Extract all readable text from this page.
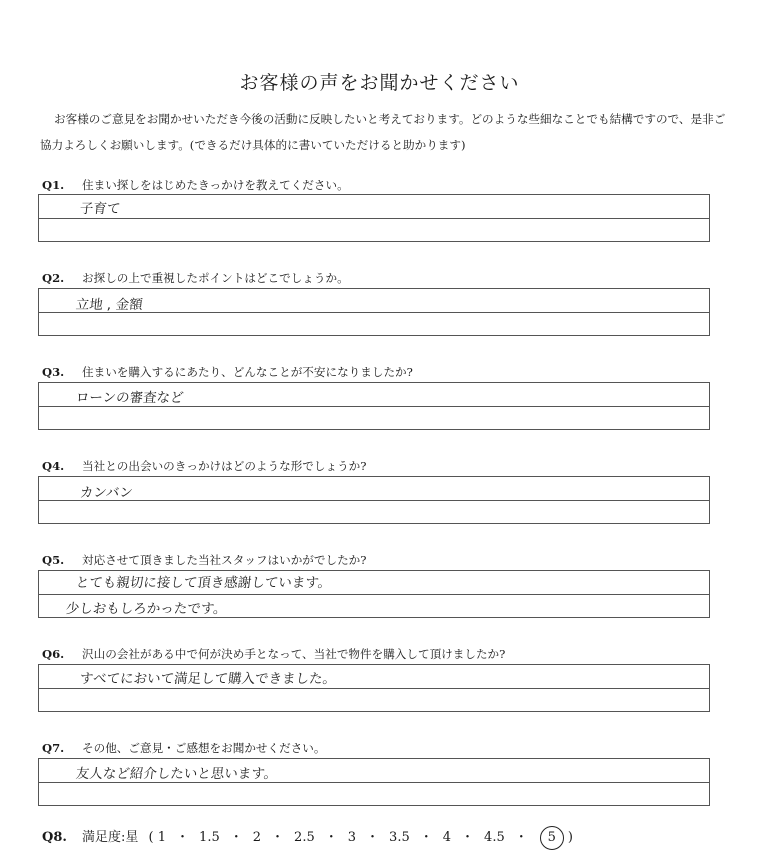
お客様の声をお聞かせください
お客様のご意見をお聞かせいただき今後の活動に反映したいと考えております。どのような些細なことでも結構ですので、是非ご協力よろしくお願いします。(できるだけ具体的に書いていただけると助かります)
Q1. 住まい探しをはじめたきっかけを教えてください。
子育て
Q2. お探しの上で重視したポイントはどこでしょうか。
立地 , 金額
Q3. 住まいを購入するにあたり、どんなことが不安になりましたか?
ローンの審査など
Q4. 当社との出会いのきっかけはどのような形でしょうか?
カンバン
Q5. 対応させて頂きました当社スタッフはいかがでしたか?
とても親切に接して頂き感謝しています。
少しおもしろかったです。
Q6. 沢山の会社がある中で何が決め手となって、当社で物件を購入して頂けましたか?
すべてにおいて満足して購入できました。
Q7. その他、ご意見・ご感想をお聞かせください。
友人など紹介したいと思います。
Q8. 満足度:星 ( 1 ・ 1.5 ・ 2 ・ 2.5 ・ 3 ・ 3.5 ・ 4 ・ 4.5 ・ 5 )
